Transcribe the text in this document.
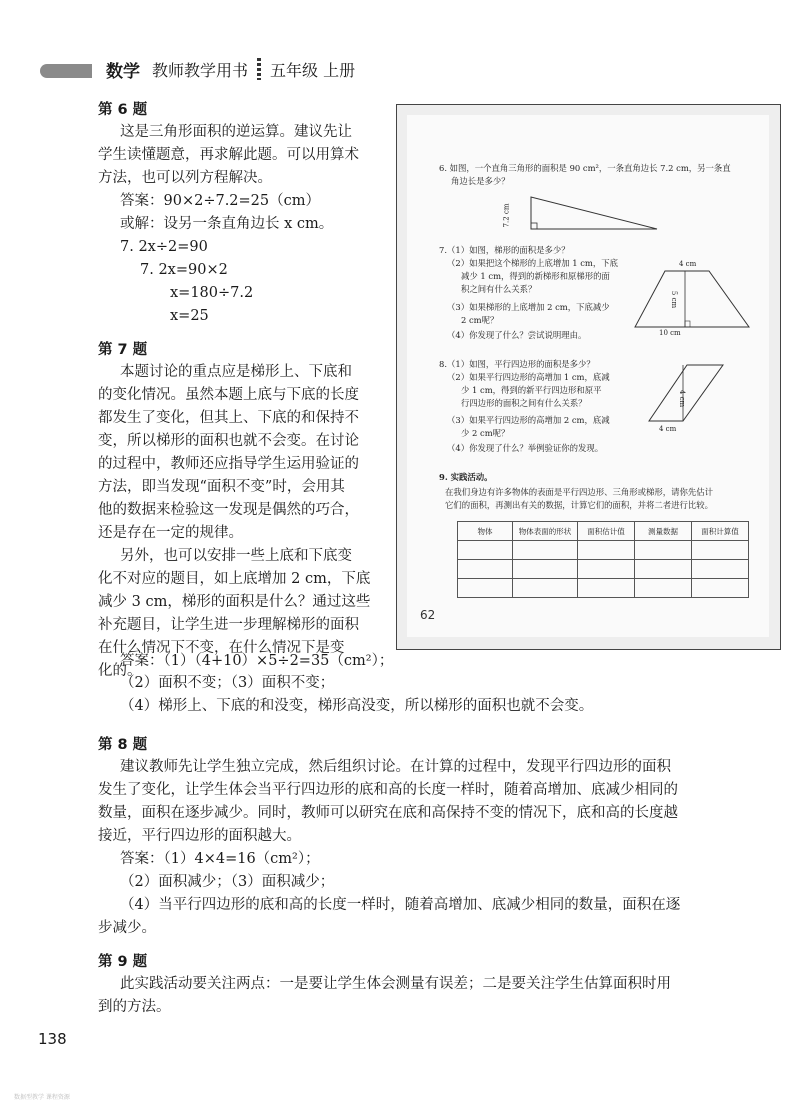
数学 教师教学用书 五年级 上册
第 6 题
这是三角形面积的逆运算。建议先让
学生读懂题意，再求解此题。可以用算术
方法，也可以列方程解决。
答案：90×2÷7.2=25（cm）
或解：设另一条直角边长 x cm。
7. 2x÷2=90
7. 2x=90×2
x=180÷7.2
x=25
第 7 题
本题讨论的重点应是梯形上、下底和
的变化情况。虽然本题上底与下底的长度
都发生了变化，但其上、下底的和保持不
变，所以梯形的面积也就不会变。在讨论
的过程中，教师还应指导学生运用验证的
方法，即当发现“面积不变”时，会用其
他的数据来检验这一发现是偶然的巧合，
还是存在一定的规律。
另外，也可以安排一些上底和下底变
化不对应的题目，如上底增加 2 cm，下底
减少 3 cm，梯形的面积是什么？通过这些
补充题目，让学生进一步理解梯形的面积
在什么情况下不变，在什么情况下是变
化的。
答案：（1）（4+10）×5÷2=35（cm²）；
（2）面积不变；（3）面积不变；
（4）梯形上、下底的和没变，梯形高没变，所以梯形的面积也就不会变。
6. 如图，一个直角三角形的面积是 90 cm²，一条直角边长 7.2 cm，另一条直
角边长是多少？
7.2 cm
7.（1）如图，梯形的面积是多少？
（2）如果把这个梯形的上底增加 1 cm，下底
减少 1 cm，得到的新梯形和原梯形的面
积之间有什么关系？
（3）如果梯形的上底增加 2 cm，下底减少
2 cm呢？
（4）你发现了什么？尝试说明理由。
4 cm
5 cm
10 cm
8.（1）如图，平行四边形的面积是多少？
（2）如果平行四边形的高增加 1 cm，底减
少 1 cm，得到的新平行四边形和原平
行四边形的面积之间有什么关系？
（3）如果平行四边形的高增加 2 cm，底减
少 2 cm呢？
（4）你发现了什么？举例验证你的发现。
4 cm
4 cm
9. 实践活动。
在我们身边有许多物体的表面是平行四边形、三角形或梯形，请你先估计
它们的面积，再测出有关的数据，计算它们的面积，并将二者进行比较。
物体	物体表面的形状	面积估计值	测量数据	面积计算值

62
第 8 题
建议教师先让学生独立完成，然后组织讨论。在计算的过程中，发现平行四边形的面积
发生了变化，让学生体会当平行四边形的底和高的长度一样时，随着高增加、底减少相同的
数量，面积在逐步减少。同时，教师可以研究在底和高保持不变的情况下，底和高的长度越
接近，平行四边形的面积越大。
答案：（1）4×4=16（cm²）；
（2）面积减少；（3）面积减少；
（4）当平行四边形的底和高的长度一样时，随着高增加、底减少相同的数量，面积在逐
步减少。
第 9 题
此实践活动要关注两点：一是要让学生体会测量有误差；二是要关注学生估算面积时用
到的方法。
138
数据型教学 课程资源
